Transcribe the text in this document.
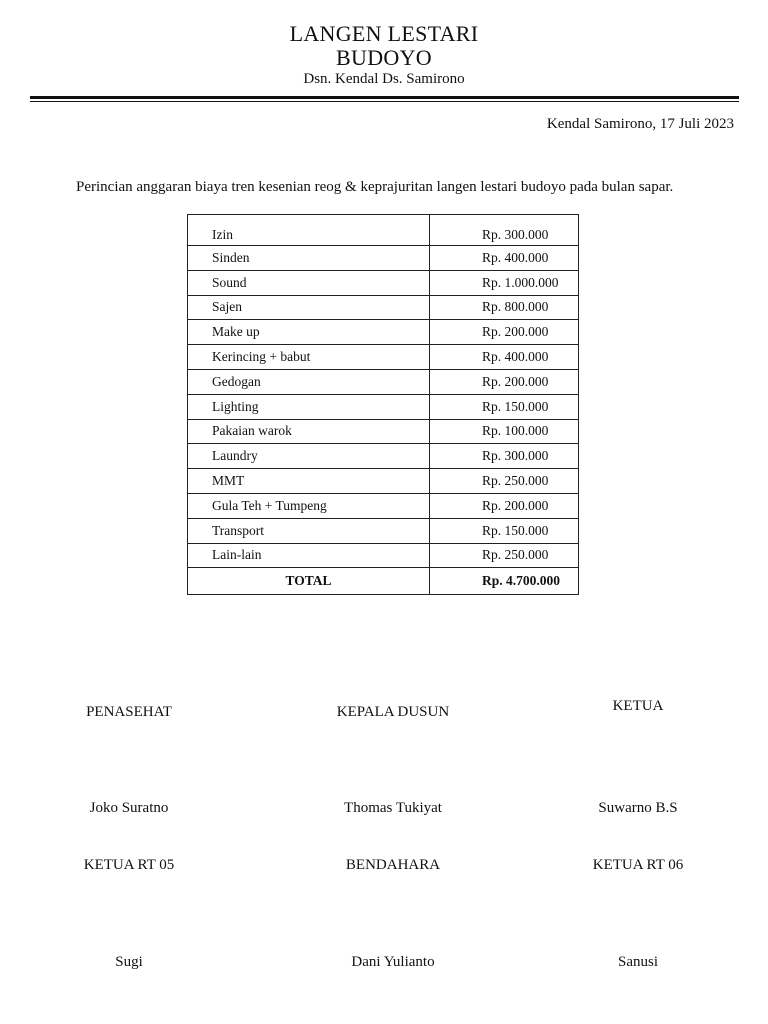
LANGEN LESTARI
BUDOYO
Dsn. Kendal Ds. Samirono
Kendal Samirono, 17 Juli 2023
Perincian anggaran biaya tren kesenian reog & keprajuritan langen lestari budoyo pada bulan sapar.
Izin	Rp. 300.000
Sinden	Rp. 400.000
Sound	Rp. 1.000.000
Sajen	Rp. 800.000
Make up	Rp. 200.000
Kerincing + babut	Rp. 400.000
Gedogan	Rp. 200.000
Lighting	Rp. 150.000
Pakaian warok	Rp. 100.000
Laundry	Rp. 300.000
MMT	Rp. 250.000
Gula Teh + Tumpeng	Rp. 200.000
Transport	Rp. 150.000
Lain-lain	Rp. 250.000
TOTAL	Rp. 4.700.000
PENASEHAT	KEPALA DUSUN	KETUA
Joko Suratno	Thomas Tukiyat	Suwarno B.S
KETUA RT 05	BENDAHARA	KETUA RT 06
Sugi	Dani Yulianto	Sanusi
